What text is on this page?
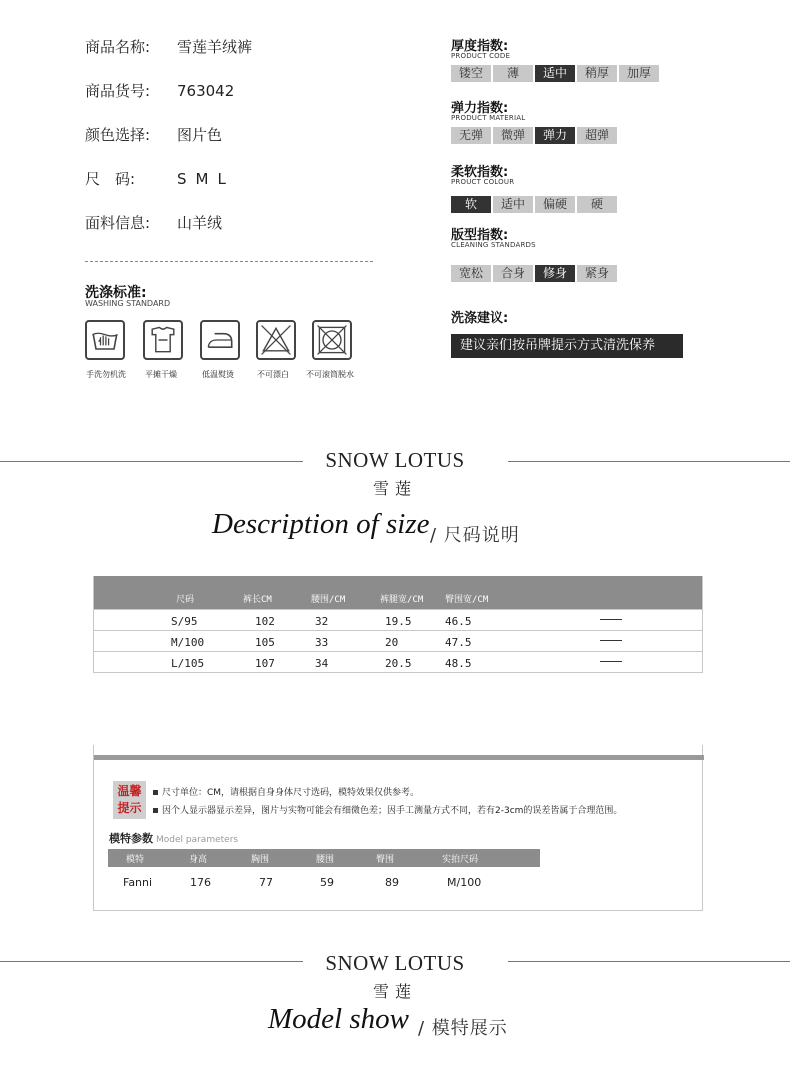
商品名称: 雪莲羊绒裤
商品货号: 763042
颜色选择: 图片色
尺　码:	SML
面料信息: 山羊绒
洗涤标准:
WASHING STANDARD
手洗勿机洗 平摊干燥	低温熨烫	不可漂白 不可滚筒脱水
厚度指数:
PRODUCT CODE
镂空	薄	适中	稍厚	加厚
弹力指数:
PRODUCT MATERIAL
无弹	微弹	弹力	超弹
柔软指数:
PROUCT COLOUR
软	适中	偏硬	硬
版型指数:
CLEANING STANDARDS
宽松	合身	修身	紧身
洗涤建议:
建议亲们按吊牌提示方式清洗保养
SNOW LOTUS
雪莲
Description of size / 尺码说明
尺码	裤长CM	腰围/CM	裤腿宽/CM 臀围宽/CM
S/95	102	32	19.5	46.5
M/100	105	33	20	47.5
L/105	107	34	20.5	48.5
温馨
提示
尺寸单位：CM，请根据自身身体尺寸选码，模特效果仅供参考。
因个人显示器显示差异，图片与实物可能会有细微色差；因手工测量方式不同，若有2-3cm的误差皆属于合理范围。
模特参数 Model parameters
模特	身高	胸围	腰围	臀围	实拍尺码
Fanni	176	77	59	89	M/100
SNOW LOTUS
雪莲
Model show / 模特展示
